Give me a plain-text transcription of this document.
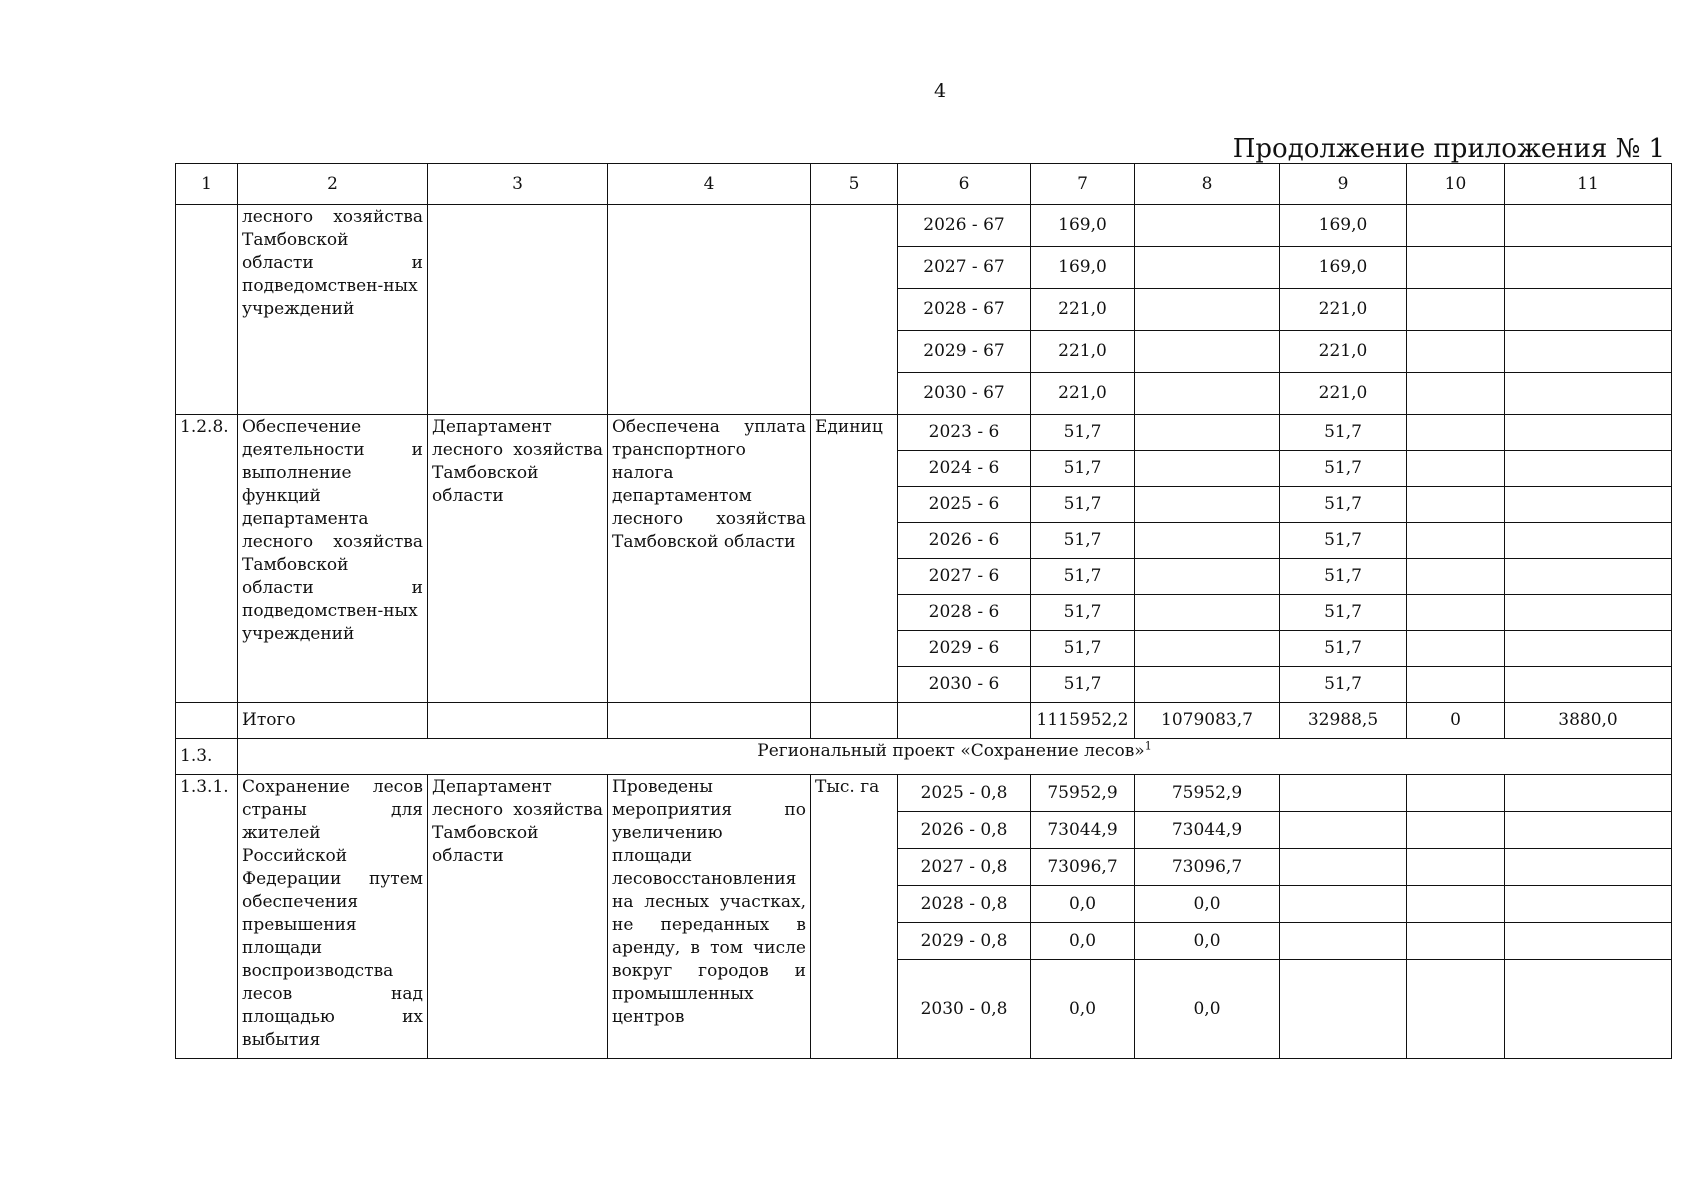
4
Продолжение приложения № 1
1	2	3	4	5	6	7	8	9	10	11
	лесного хозяйства Тамбовской области и подведомствен-ных учреждений				2026 - 67	169,0		169,0		
					2027 - 67	169,0		169,0		
					2028 - 67	221,0		221,0		
					2029 - 67	221,0		221,0		
					2030 - 67	221,0		221,0		
1.2.8.	Обеспечение деятельности и выполнение функций департамента лесного хозяйства Тамбовской области и подведомствен-ных учреждений	Департамент лесного хозяйства Тамбовской области	Обеспечена уплата транспортного налога департаментом лесного хозяйства Тамбовской области	Единиц	2023 - 6	51,7		51,7		
					2024 - 6	51,7		51,7		
					2025 - 6	51,7		51,7		
					2026 - 6	51,7		51,7		
					2027 - 6	51,7		51,7		
					2028 - 6	51,7		51,7		
					2029 - 6	51,7		51,7		
					2030 - 6	51,7		51,7		
	Итого					1115952,2	1079083,7	32988,5	0	3880,0
1.3.	Региональный проект «Сохранение лесов»$^1$
1.3.1.	Сохранение лесов страны для жителей Российской Федерации путем обеспечения превышения площади воспроизводства лесов над площадью их выбытия	Департамент лесного хозяйства Тамбовской области	Проведены мероприятия по увеличению площади лесовосстановления на лесных участках, не переданных в аренду, в том числе вокруг городов и промышленных центров	Тыс. га	2025 - 0,8	75952,9	75952,9			
					2026 - 0,8	73044,9	73044,9			
					2027 - 0,8	73096,7	73096,7			
					2028 - 0,8	0,0	0,0			
					2029 - 0,8	0,0	0,0			
					2030 - 0,8	0,0	0,0			
